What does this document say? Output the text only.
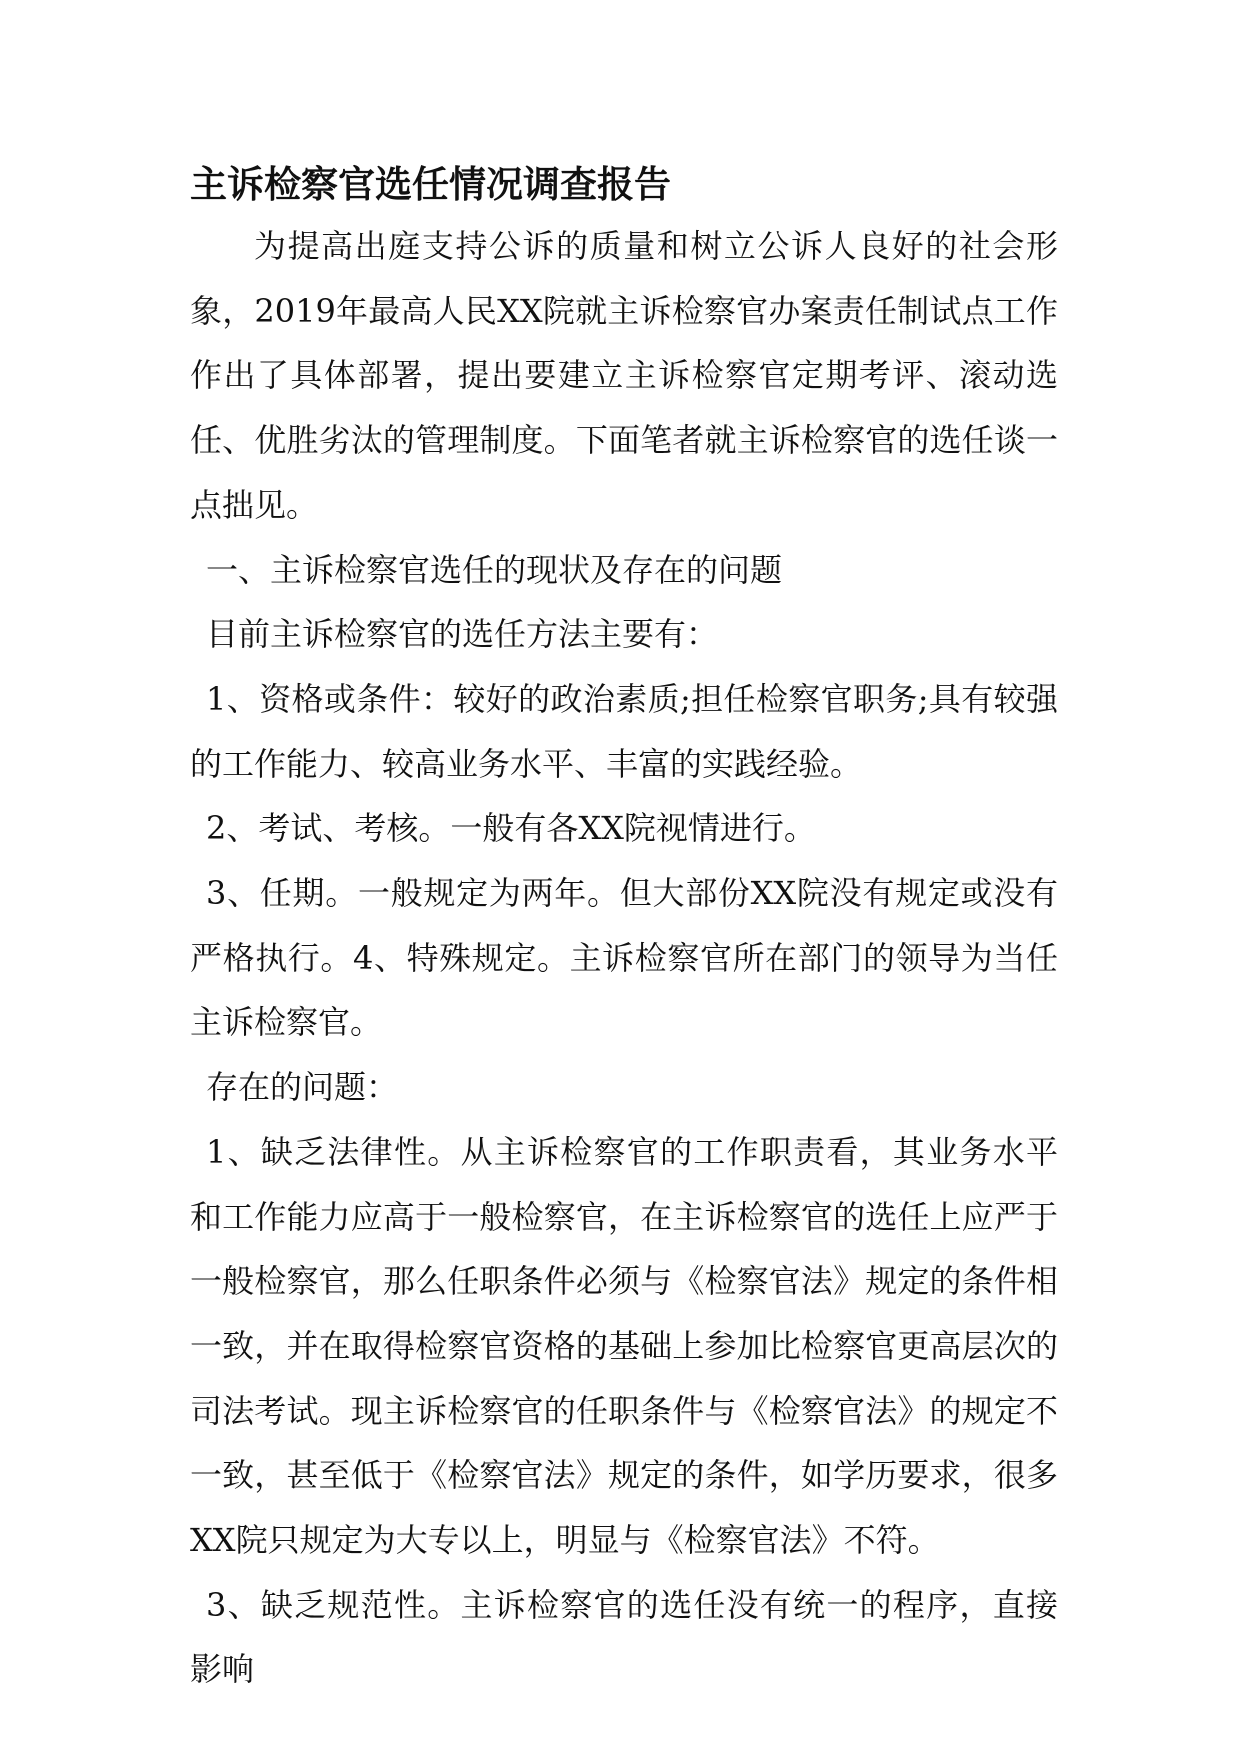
主诉检察官选任情况调查报告

为提高出庭支持公诉的质量和树立公诉人良好的社会形象，2019年最高人民XX院就主诉检察官办案责任制试点工作作出了具体部署，提出要建立主诉检察官定期考评、滚动选任、优胜劣汰的管理制度。下面笔者就主诉检察官的选任谈一点拙见。

一、主诉检察官选任的现状及存在的问题

目前主诉检察官的选任方法主要有：

1、资格或条件：较好的政治素质;担任检察官职务;具有较强的工作能力、较高业务水平、丰富的实践经验。

2、考试、考核。一般有各XX院视情进行。

3、任期。一般规定为两年。但大部份XX院没有规定或没有严格执行。4、特殊规定。主诉检察官所在部门的领导为当任主诉检察官。

存在的问题：

1、缺乏法律性。从主诉检察官的工作职责看，其业务水平和工作能力应高于一般检察官，在主诉检察官的选任上应严于一般检察官，那么任职条件必须与《检察官法》规定的条件相一致，并在取得检察官资格的基础上参加比检察官更高层次的司法考试。现主诉检察官的任职条件与《检察官法》的规定不一致，甚至低于《检察官法》规定的条件，如学历要求，很多XX院只规定为大专以上，明显与《检察官法》不符。

3、缺乏规范性。主诉检察官的选任没有统一的程序，直接影响
